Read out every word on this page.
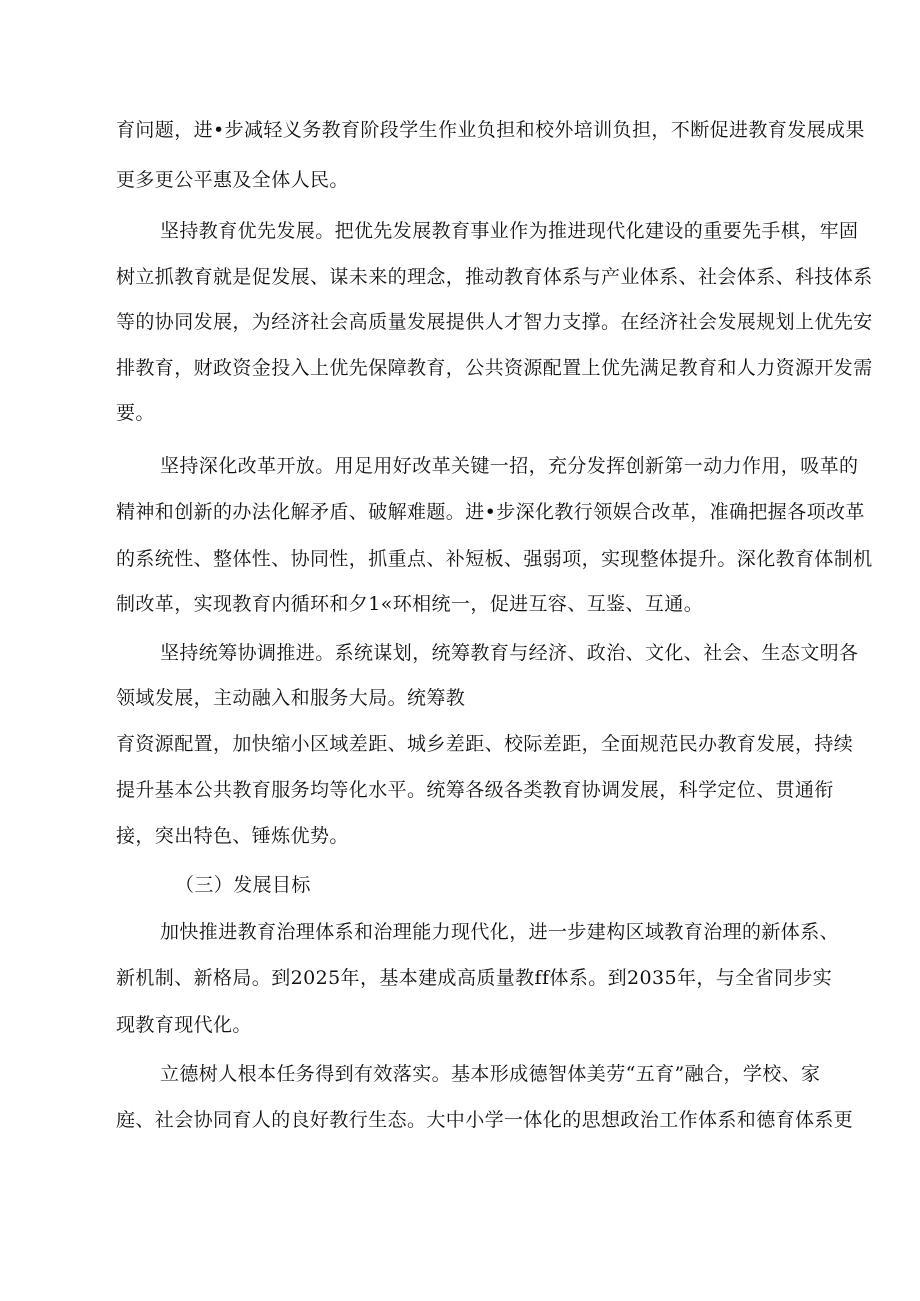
育问题，进•步减轻义务教育阶段学生作业负担和校外培训负担，不断促进教育发展成果
更多更公平惠及全体人民。
坚持教育优先发展。把优先发展教育事业作为推进现代化建设的重要先手棋，牢固
树立抓教育就是促发展、谋未来的理念，推动教育体系与产业体系、社会体系、科技体系
等的协同发展，为经济社会高质量发展提供人才智力支撑。在经济社会发展规划上优先安
排教育，财政资金投入上优先保障教育，公共资源配置上优先满足教育和人力资源开发需
要。
坚持深化改革开放。用足用好改革关键一招，充分发挥创新第一动力作用，吸革的
精神和创新的办法化解矛盾、破解难题。进•步深化教行领娱合改革，准确把握各项改革
的系统性、整体性、协同性，抓重点、补短板、强弱项，实现整体提升。深化教育体制机
制改革，实现教育内循环和夕1«环相统一，促进互容、互鉴、互通。
坚持统筹协调推进。系统谋划，统筹教育与经济、政治、文化、社会、生态文明各
领域发展，主动融入和服务大局。统筹教
育资源配置，加快缩小区域差距、城乡差距、校际差距，全面规范民办教育发展，持续
提升基本公共教育服务均等化水平。统筹各级各类教育协调发展，科学定位、贯通衔
接，突出特色、锤炼优势。
（三）发展目标
加快推进教育治理体系和治理能力现代化，进一步建构区域教育治理的新体系、
新机制、新格局。到2025年，基本建成高质量教ff体系。到2035年，与全省同步实
现教育现代化。
立德树人根本任务得到有效落实。基本形成德智体美劳“五育”融合，学校、家
庭、社会协同育人的良好教行生态。大中小学一体化的思想政治工作体系和德育体系更
